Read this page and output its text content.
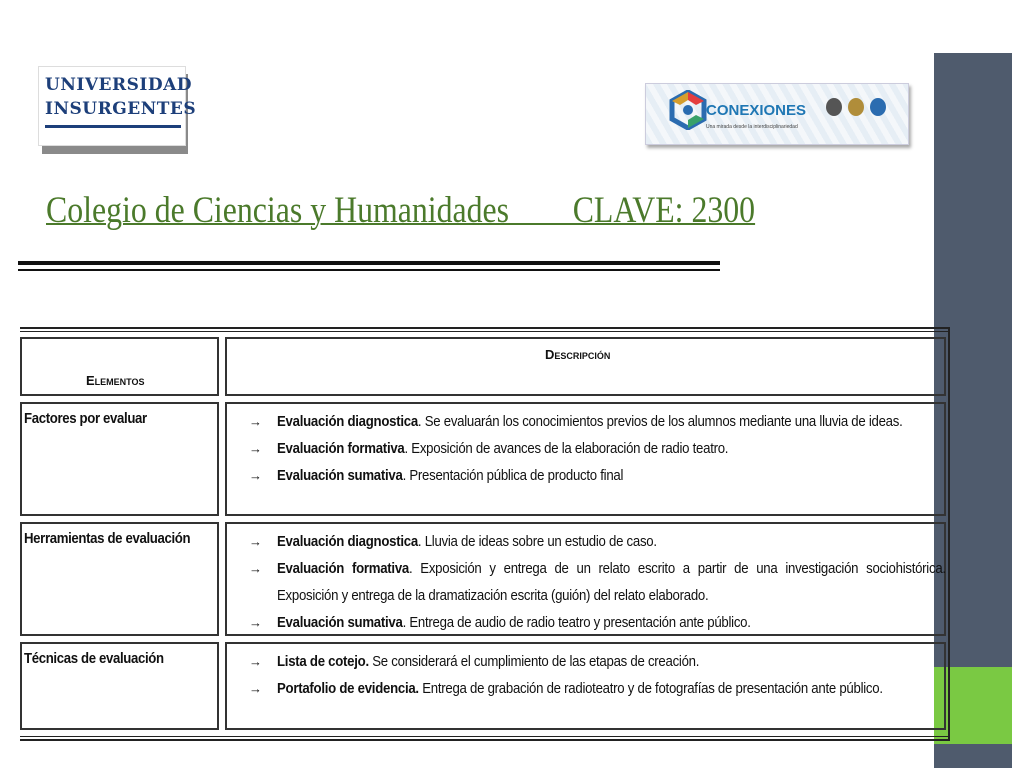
UNIVERSIDAD
INSURGENTES	CONEXIONES
Una mirada desde la interdisciplinariedad
Colegio de Ciencias y Humanidades        CLAVE: 2300
Elementos
Descripción
Factores por evaluar	→ Evaluación diagnostica. Se evaluarán los conocimientos previos de los alumnos mediante una lluvia de ideas.
→ Evaluación formativa. Exposición de avances de la elaboración de radio teatro.
→ Evaluación sumativa. Presentación pública de producto final
Herramientas de evaluación	→ Evaluación diagnostica. Lluvia de ideas sobre un estudio de caso.
→ Evaluación formativa. Exposición y entrega de un relato escrito a partir de una investigación sociohistórica. Exposición y entrega de la dramatización escrita (guión) del relato elaborado.
→ Evaluación sumativa. Entrega de audio de radio teatro y presentación ante público.
Técnicas de evaluación	→ Lista de cotejo. Se considerará el cumplimiento de las etapas de creación.
→ Portafolio de evidencia. Entrega de grabación de radioteatro y de fotografías de presentación ante público.
